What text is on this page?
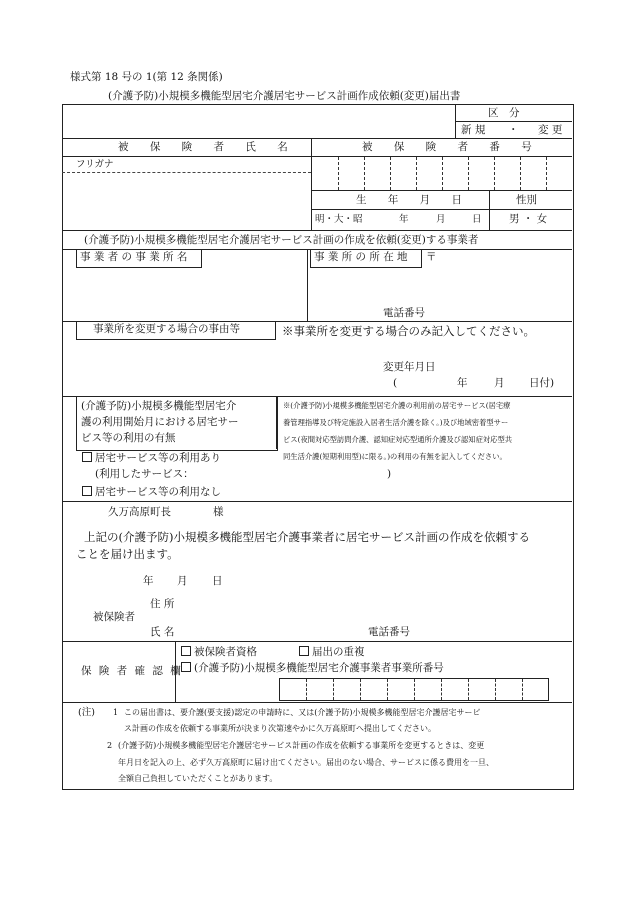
様式第 18 号の 1(第 12 条関係)
(介護予防)小規模多機能型居宅介護居宅サービス計画作成依頼(変更)届出書
区　分
新 規 ・ 変 更
被 保 険 者 氏 名	被 保 険 者 番 号
フリガナ
生 年 月 日	性別
明・大・昭	年	月	日	男 ・ 女
(介護予防)小規模多機能型居宅介護居宅サービス計画の作成を依頼(変更)する事業者
事 業 者 の 事 業 所 名	事 業 所 の 所 在 地 〒
電話番号
事業所を変更する場合の事由等	※事業所を変更する場合のみ記入してください。
変更年月日
(	年	月 日付)
(介護予防)小規模多機能型居宅介
護の利用開始月における居宅サー
ビス等の利用の有無
※(介護予防)小規模多機能型居宅介護の利用前の居宅サービス(居宅療
養管理指導及び特定施設入居者生活介護を除く。)及び地域密着型サー
ビス(夜間対応型訪問介護、認知症対応型通所介護及び認知症対応型共
同生活介護(短期利用型)に限る。)の利用の有無を記入してください。
居宅サービス等の利用あり
(利用したサービス：	)
居宅サービス等の利用なし
久万高原町長	様
上記の(介護予防)小規模多機能型居宅介護事業者に居宅サービス計画の作成を依頼する
ことを届け出ます。
年 月 日
住 所
被保険者
氏 名	電話番号
保 険 者 確 認 欄
被保険者資格	届出の重複
(介護予防)小規模多機能型居宅介護事業者事業所番号
(注) 1 この届出書は、要介護(要支援)認定の申請時に、又は(介護予防)小規模多機能型居宅介護居宅サービ
ス計画の作成を依頼する事業所が決まり次第速やかに久万高原町へ提出してください。
2 (介護予防)小規模多機能型居宅介護居宅サービス計画の作成を依頼する事業所を変更するときは、変更
年月日を記入の上、必ず久万高原町に届け出てください。届出のない場合、サービスに係る費用を一旦、
全額自己負担していただくことがあります。
